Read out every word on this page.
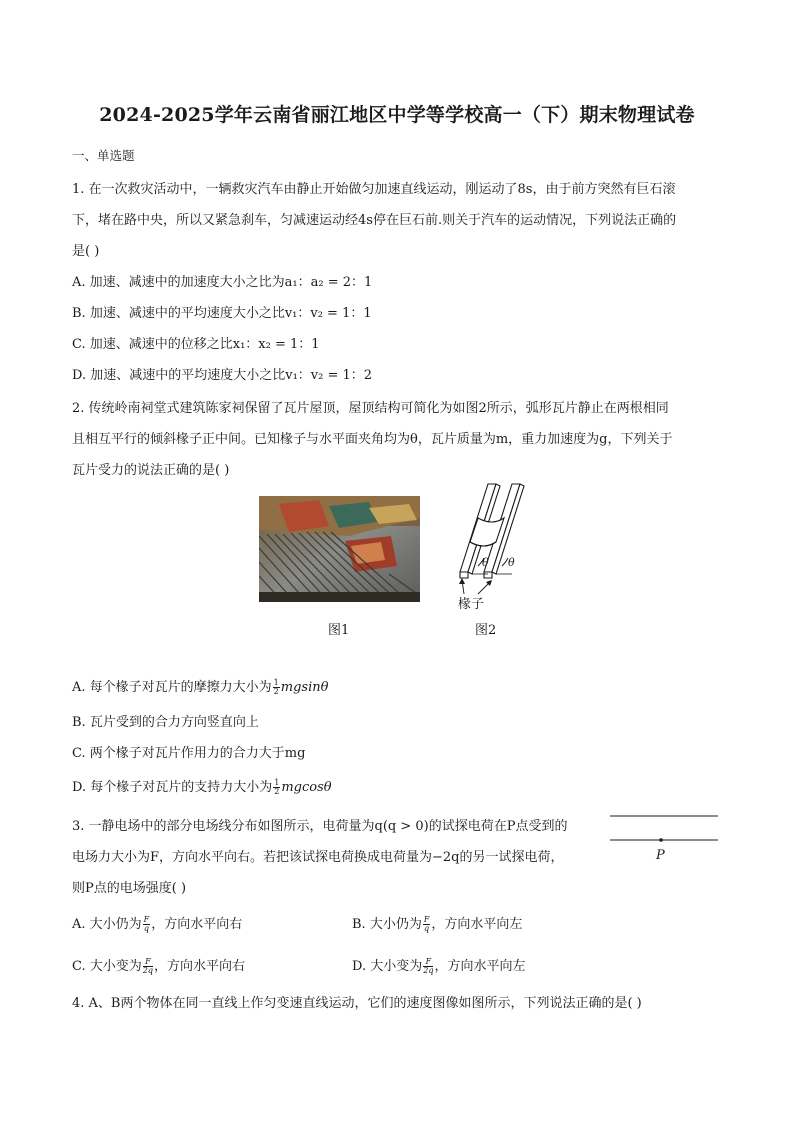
2024-2025学年云南省丽江地区中学等学校高一（下）期末物理试卷
一、单选题
1. 在一次救灾活动中，一辆救灾汽车由静止开始做匀加速直线运动，刚运动了8s，由于前方突然有巨石滚
下，堵在路中央，所以又紧急刹车，匀减速运动经4s停在巨石前.则关于汽车的运动情况，下列说法正确的
是( )
A. 加速、减速中的加速度大小之比为a₁：a₂ = 2：1
B. 加速、减速中的平均速度大小之比v₁：v₂ = 1：1
C. 加速、减速中的位移之比x₁：x₂ = 1：1
D. 加速、减速中的平均速度大小之比v₁：v₂ = 1：2
2. 传统岭南祠堂式建筑陈家祠保留了瓦片屋顶，屋顶结构可简化为如图2所示，弧形瓦片静止在两根相同
且相互平行的倾斜椽子正中间。已知椽子与水平面夹角均为θ，瓦片质量为m，重力加速度为g，下列关于
瓦片受力的说法正确的是( )
图1
θ θ
椽子
图2
A. 每个椽子对瓦片的摩擦力大小为 $\frac{1}{2}$ mgsinθ
B. 瓦片受到的合力方向竖直向上
C. 两个椽子对瓦片作用力的合力大于mg
D. 每个椽子对瓦片的支持力大小为 $\frac{1}{2}$ mgcosθ
3. 一静电场中的部分电场线分布如图所示，电荷量为q(q > 0)的试探电荷在P点受到的
电场力大小为F，方向水平向右。若把该试探电荷换成电荷量为−2q的另一试探电荷，
则P点的电场强度( )
P
A. 大小仍为 $\frac{F}{q}$ ，方向水平向右	B. 大小仍为 $\frac{F}{q}$ ，方向水平向左
C. 大小变为 $\frac{F}{2q}$ ，方向水平向右	D. 大小变为 $\frac{F}{2q}$ ，方向水平向左
4. A、B两个物体在同一直线上作匀变速直线运动，它们的速度图像如图所示，下列说法正确的是( )
